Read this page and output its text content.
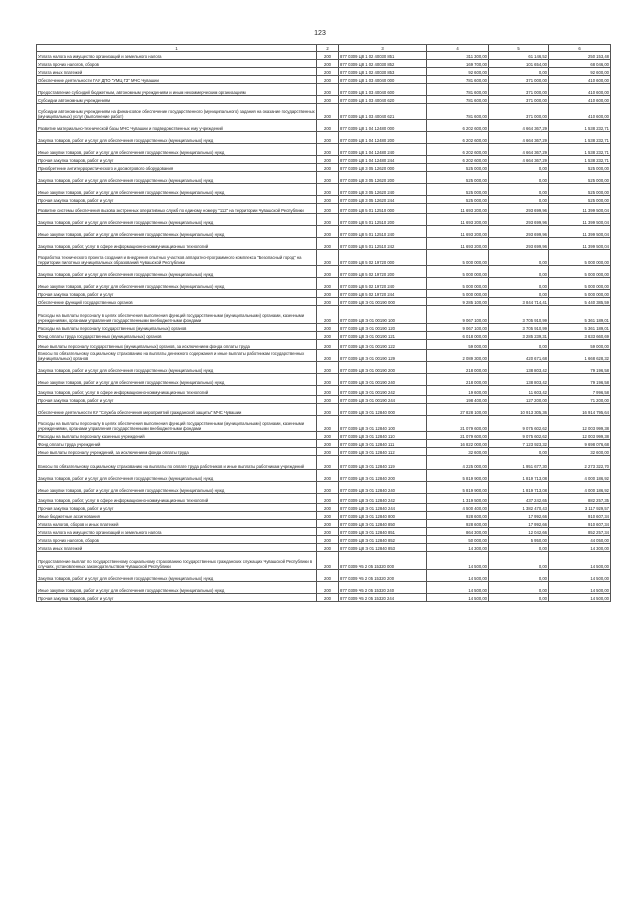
123
1	2	3	4	5	6
Уплата налога на имущество организаций и земельного налога	200	877 0309 Ц8 1 02 40030 851	311 300,00	61 146,52	250 153,48
Уплата прочих налогов, сборов	200	877 0309 Ц8 1 02 40030 852	169 700,00	101 654,00	68 046,00
Уплата иных платежей	200	877 0309 Ц8 1 02 40030 853	92 600,00	0,00	92 600,00
Обеспечение деятельности ГАУ ДПО "УМЦ ГЗ" МЧС Чувашии	200	877 0309 Ц8 1 03 40040 000	781 600,00	371 000,00	410 600,00
Предоставление субсидий бюджетным, автономным учреждениям и иным некоммерческим организациям	200	877 0309 Ц8 1 03 40040 600	781 600,00	371 000,00	410 600,00
Субсидии автономным учреждениям	200	877 0309 Ц8 1 03 40040 620	781 600,00	371 000,00	410 600,00
Субсидии автономным учреждениям на финансовое обеспечение государственного (муниципального) задания на оказание государственных (муниципальных) услуг (выполнение работ)	200	877 0309 Ц8 1 03 40040 621	781 600,00	371 000,00	410 600,00
Развитие материально-технической базы МЧС Чувашии и подведомственных ему учреждений	200	877 0309 Ц8 1 04 12480 000	6 202 600,00	4 664 367,29	1 538 232,71
Закупка товаров, работ и услуг для обеспечения государственных (муниципальных) нужд	200	877 0309 Ц8 1 04 12480 200	6 202 600,00	4 664 367,29	1 538 232,71
Иные закупки товаров, работ и услуг для обеспечения государственных (муниципальных) нужд	200	877 0309 Ц8 1 04 12480 240	6 202 600,00	4 664 367,29	1 538 232,71
Прочая закупка товаров, работ и услуг	200	877 0309 Ц8 1 04 12480 244	6 202 600,00	4 664 367,29	1 538 232,71
Приобретение антитеррористического и досмотрового оборудования	200	877 0309 Ц8 3 05 12620 000	525 000,00	0,00	525 000,00
Закупка товаров, работ и услуг для обеспечения государственных (муниципальных) нужд	200	877 0309 Ц8 3 05 12620 200	525 000,00	0,00	525 000,00
Иные закупки товаров, работ и услуг для обеспечения государственных (муниципальных) нужд	200	877 0309 Ц8 3 05 12620 240	525 000,00	0,00	525 000,00
Прочая закупка товаров, работ и услуг	200	877 0309 Ц8 3 05 12620 244	525 000,00	0,00	525 000,00
Развитие системы обеспечения вызова экстренных оперативных служб по единому номеру "112" на территории Чувашской Республики	200	877 0309 Ц8 5 01 12510 000	11 693 200,00	293 699,96	11 399 500,04
Закупка товаров, работ и услуг для обеспечения государственных (муниципальных) нужд	200	877 0309 Ц8 5 01 12510 200	11 693 200,00	293 699,96	11 399 500,04
Иные закупки товаров, работ и услуг для обеспечения государственных (муниципальных) нужд	200	877 0309 Ц8 5 01 12510 240	11 693 200,00	293 699,96	11 399 500,04
Закупка товаров, работ, услуг в сфере информационно-коммуникационных технологий	200	877 0309 Ц8 5 01 12510 242	11 693 200,00	293 699,96	11 399 500,04
Разработка технического проекта создания и внедрения опытных участков аппаратно-программного комплекса "Безопасный город" на территории пилотных муниципальных образований Чувашской Республики	200	877 0309 Ц8 5 02 19720 000	5 000 000,00	0,00	5 000 000,00
Закупка товаров, работ и услуг для обеспечения государственных (муниципальных) нужд	200	877 0309 Ц8 5 02 19720 200	5 000 000,00	0,00	5 000 000,00
Иные закупки товаров, работ и услуг для обеспечения государственных (муниципальных) нужд	200	877 0309 Ц8 5 02 19720 240	5 000 000,00	0,00	5 000 000,00
Прочая закупка товаров, работ и услуг	200	877 0309 Ц8 5 02 19720 244	5 000 000,00	0,00	5 000 000,00
Обеспечение функций государственных органов	200	877 0309 Ц8 Э 01 00190 000	9 285 100,00	3 844 714,41	5 440 385,59
Расходы на выплаты персоналу в целях обеспечения выполнения функций государственными (муниципальными) органами, казенными учреждениями, органами управления государственными внебюджетными фондами	200	877 0309 Ц8 Э 01 00190 100	9 067 100,00	3 705 910,99	5 361 189,01
Расходы на выплаты персоналу государственных (муниципальных) органов	200	877 0309 Ц8 Э 01 00190 120	9 067 100,00	3 705 910,99	5 361 189,01
Фонд оплаты труда государственных (муниципальных) органов	200	877 0309 Ц8 Э 01 00190 121	6 018 000,00	3 285 239,31	3 633 660,69
Иные выплаты персоналу государственных (муниципальных) органов, за исключением фонда оплаты труда	200	877 0309 Ц8 Э 01 00190 122	59 000,00	0,00	59 000,00
Взносы по обязательному социальному страхованию на выплаты денежного содержания и иные выплаты работникам государственных (муниципальных) органов	200	877 0309 Ц8 Э 01 00190 129	2 089 300,00	420 671,68	1 668 628,32
Закупка товаров, работ и услуг для обеспечения государственных (муниципальных) нужд	200	877 0309 Ц8 Э 01 00190 200	218 000,00	138 803,42	79 196,58
Иные закупки товаров, работ и услуг для обеспечения государственных (муниципальных) нужд	200	877 0309 Ц8 Э 01 00190 240	218 000,00	138 803,42	79 196,58
Закупка товаров, работ, услуг в сфере информационно-коммуникационных технологий	200	877 0309 Ц8 Э 01 00190 242	19 600,00	11 603,42	7 996,58
Прочая закупка товаров, работ и услуг	200	877 0309 Ц8 Э 01 00190 244	198 400,00	127 200,00	71 200,00
Обеспечение деятельности КУ "Служба обеспечения мероприятий гражданской защиты" МЧС Чувашии	200	877 0309 Ц8 Э 01 12840 000	27 828 100,00	10 913 305,36	16 914 795,64
Расходы на выплаты персоналу в целях обеспечения выполнения функций государственными (муниципальными) органами, казенными учреждениями, органами управления государственными внебюджетными фондами	200	877 0309 Ц8 Э 01 12840 100	21 079 600,00	9 075 602,62	12 003 999,38
Расходы на выплаты персоналу казенных учреждений	200	877 0309 Ц8 Э 01 12840 110	21 079 600,00	9 075 602,62	12 003 999,38
Фонд оплаты труда учреждений	200	877 0309 Ц8 Э 01 12840 111	16 822 000,00	7 123 923,32	9 698 076,68
Иные выплаты персоналу учреждений, за исключением фонда оплаты труда	200	877 0309 Ц8 Э 01 12840 112	32 600,00	0,00	32 600,00
Взносы по обязательному социальному страхованию на выплаты по оплате труда работников и иные выплаты работникам учреждений	200	877 0309 Ц8 Э 01 12840 119	4 225 000,00	1 951 677,30	2 273 322,70
Закупка товаров, работ и услуг для обеспечения государственных (муниципальных) нужд	200	877 0309 Ц8 Э 01 12840 200	5 819 900,00	1 819 713,08	4 000 186,92
Иные закупки товаров, работ и услуг для обеспечения государственных (муниципальных) нужд	200	877 0309 Ц8 Э 01 12840 240	5 819 900,00	1 819 713,08	4 000 186,92
Закупка товаров, работ, услуг в сфере информационно-коммуникационных технологий	200	877 0309 Ц8 Э 01 12840 242	1 319 500,00	437 242,65	882 257,35
Прочая закупка товаров, работ и услуг	200	877 0309 Ц8 Э 01 12840 244	4 500 400,00	1 382 470,43	3 117 929,57
Иные бюджетные ассигнования	200	877 0309 Ц8 Э 01 12840 800	928 600,00	17 992,66	910 607,34
Уплата налогов, сборов и иных платежей	200	877 0309 Ц8 Э 01 12840 850	928 600,00	17 992,66	910 607,34
Уплата налога на имущество организаций и земельного налога	200	877 0309 Ц8 Э 01 12840 851	864 300,00	12 042,66	852 257,34
Уплата прочих налогов, сборов	200	877 0309 Ц8 Э 01 12840 852	50 000,00	5 950,00	44 050,00
Уплата иных платежей	200	877 0309 Ц8 Э 01 12840 853	14 300,00	0,00	14 300,00
Предоставление выплат по государственному социальному страхованию государственных гражданских служащих Чувашской Республики в случаях, установленных законодательством Чувашской Республики	200	877 0309 Ч5 2 05 15320 000	14 500,00	0,00	14 500,00
Закупка товаров, работ и услуг для обеспечения государственных (муниципальных) нужд	200	877 0309 Ч5 2 05 15320 200	14 500,00	0,00	14 500,00
Иные закупки товаров, работ и услуг для обеспечения государственных (муниципальных) нужд	200	877 0309 Ч5 2 05 15320 240	14 500,00	0,00	14 500,00
Прочая закупка товаров, работ и услуг	200	877 0309 Ч5 2 05 15320 244	14 500,00	0,00	14 500,00
